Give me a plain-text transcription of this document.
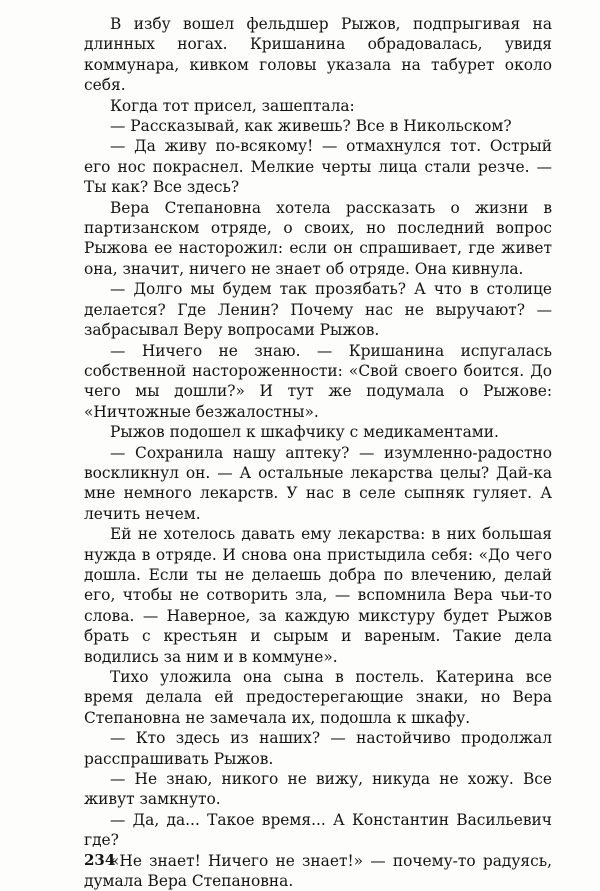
В избу вошел фельдшер Рыжов, подпрыгивая на длинных ногах. Кришанина обрадовалась, увидя коммунара, кивком головы указала на табурет около себя.

Когда тот присел, зашептала:

— Рассказывай, как живешь? Все в Никольском?

— Да живу по-всякому! — отмахнулся тот. Острый его нос покраснел. Мелкие черты лица стали резче. — Ты как? Все здесь?

Вера Степановна хотела рассказать о жизни в партизанском отряде, о своих, но последний вопрос Рыжова ее насторожил: если он спрашивает, где живет она, значит, ничего не знает об отряде. Она кивнула.

— Долго мы будем так прозябать? А что в столице делается? Где Ленин? Почему нас не выручают? — забрасывал Веру вопросами Рыжов.

— Ничего не знаю. — Кришанина испугалась собственной настороженности: «Свой своего боится. До чего мы дошли?» И тут же подумала о Рыжове: «Ничтожные безжалостны».

Рыжов подошел к шкафчику с медикаментами.

— Сохранила нашу аптеку? — изумленно-радостно воскликнул он. — А остальные лекарства целы? Дай-ка мне немного лекарств. У нас в селе сыпняк гуляет. А лечить нечем.

Ей не хотелось давать ему лекарства: в них большая нужда в отряде. И снова она пристыдила себя: «До чего дошла. Если ты не делаешь добра по влечению, делай его, чтобы не сотворить зла, — вспомнила Вера чьи-то слова. — Наверное, за каждую микстуру будет Рыжов брать с крестьян и сырым и вареным. Такие дела водились за ним и в коммуне».

Тихо уложила она сына в постель. Катерина все время делала ей предостерегающие знаки, но Вера Степановна не замечала их, подошла к шкафу.

— Кто здесь из наших? — настойчиво продолжал расспрашивать Рыжов.

— Не знаю, никого не вижу, никуда не хожу. Все живут замкнуто.

— Да, да... Такое время... А Константин Васильевич где?

«Не знает! Ничего не знает!» — почему-то радуясь, думала Вера Степановна.

234
